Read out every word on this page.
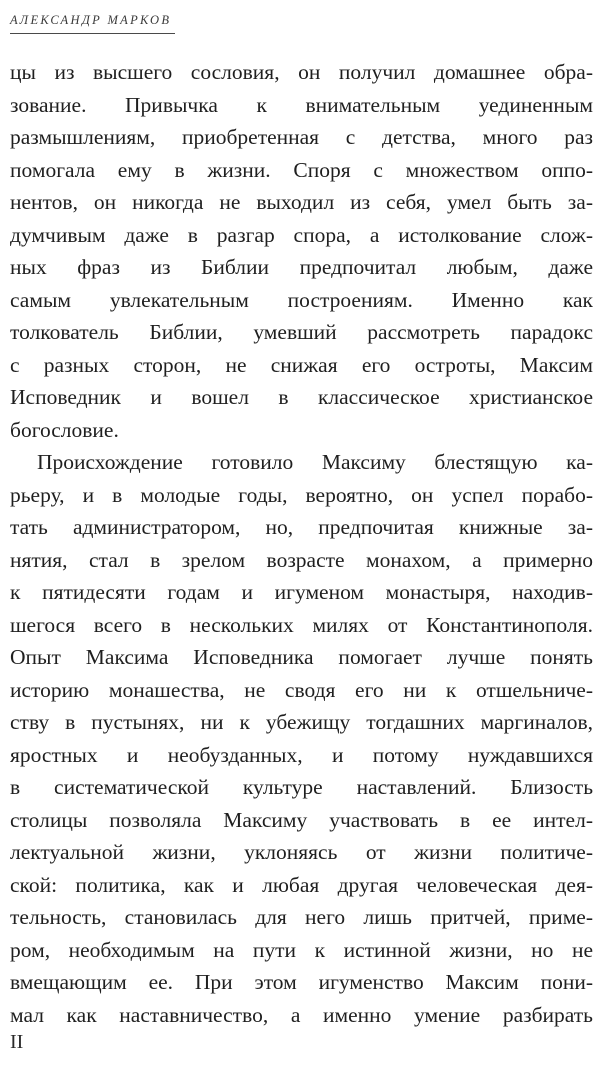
АЛЕКСАНДР МАРКОВ
цы из высшего сословия, он получил домашнее обра-
зование. Привычка к внимательным уединенным
размышлениям, приобретенная с детства, много раз
помогала ему в жизни. Споря с множеством оппо-
нентов, он никогда не выходил из себя, умел быть за-
думчивым даже в разгар спора, а истолкование слож-
ных фраз из Библии предпочитал любым, даже
самым увлекательным построениям. Именно как
толкователь Библии, умевший рассмотреть парадокс
с разных сторон, не снижая его остроты, Максим
Исповедник и вошел в классическое христианское
богословие.
Происхождение готовило Максиму блестящую ка-
рьеру, и в молодые годы, вероятно, он успел порабо-
тать администратором, но, предпочитая книжные за-
нятия, стал в зрелом возрасте монахом, а примерно
к пятидесяти годам и игуменом монастыря, находив-
шегося всего в нескольких милях от Константинополя.
Опыт Максима Исповедника помогает лучше понять
историю монашества, не сводя его ни к отшельниче-
ству в пустынях, ни к убежищу тогдашних маргиналов,
яростных и необузданных, и потому нуждавшихся
в систематической культуре наставлений. Близость
столицы позволяла Максиму участвовать в ее интел-
лектуальной жизни, уклоняясь от жизни политиче-
ской: политика, как и любая другая человеческая дея-
тельность, становилась для него лишь притчей, приме-
ром, необходимым на пути к истинной жизни, но не
вмещающим ее. При этом игуменство Максим пони-
мал как наставничество, а именно умение разбирать
II
